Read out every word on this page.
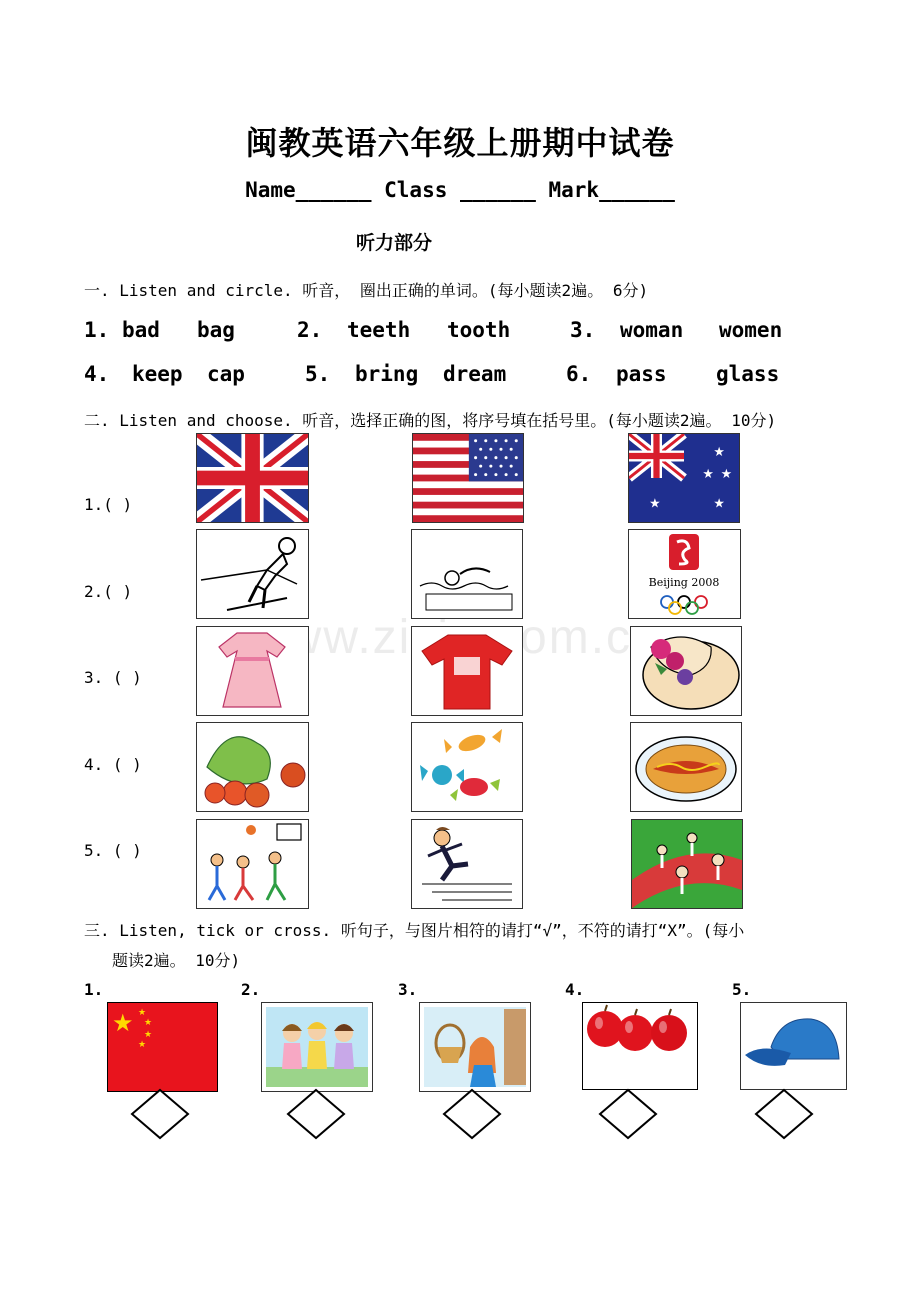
闽教英语六年级上册期中试卷
Name______ Class ______ Mark______
听力部分
一. Listen and circle. 听音， 圈出正确的单词。(每小题读2遍。 6分)
1. bad bag	2. teeth tooth	3. woman women
4. keep cap	5. bring dream	6. pass glass
二. Listen and choose. 听音，选择正确的图，将序号填在括号里。(每小题读2遍。 10分)
1.( )	★
★
★ ★
★
2.( )	Beijing 2008
3. ( )
4. ( )
5. ( )
三. Listen, tick or cross. 听句子，与图片相符的请打“√”，不符的请打“X”。(每小
题读2遍。 10分)
1.	2.	3.	4.	5.
★ ★
★
★
★
